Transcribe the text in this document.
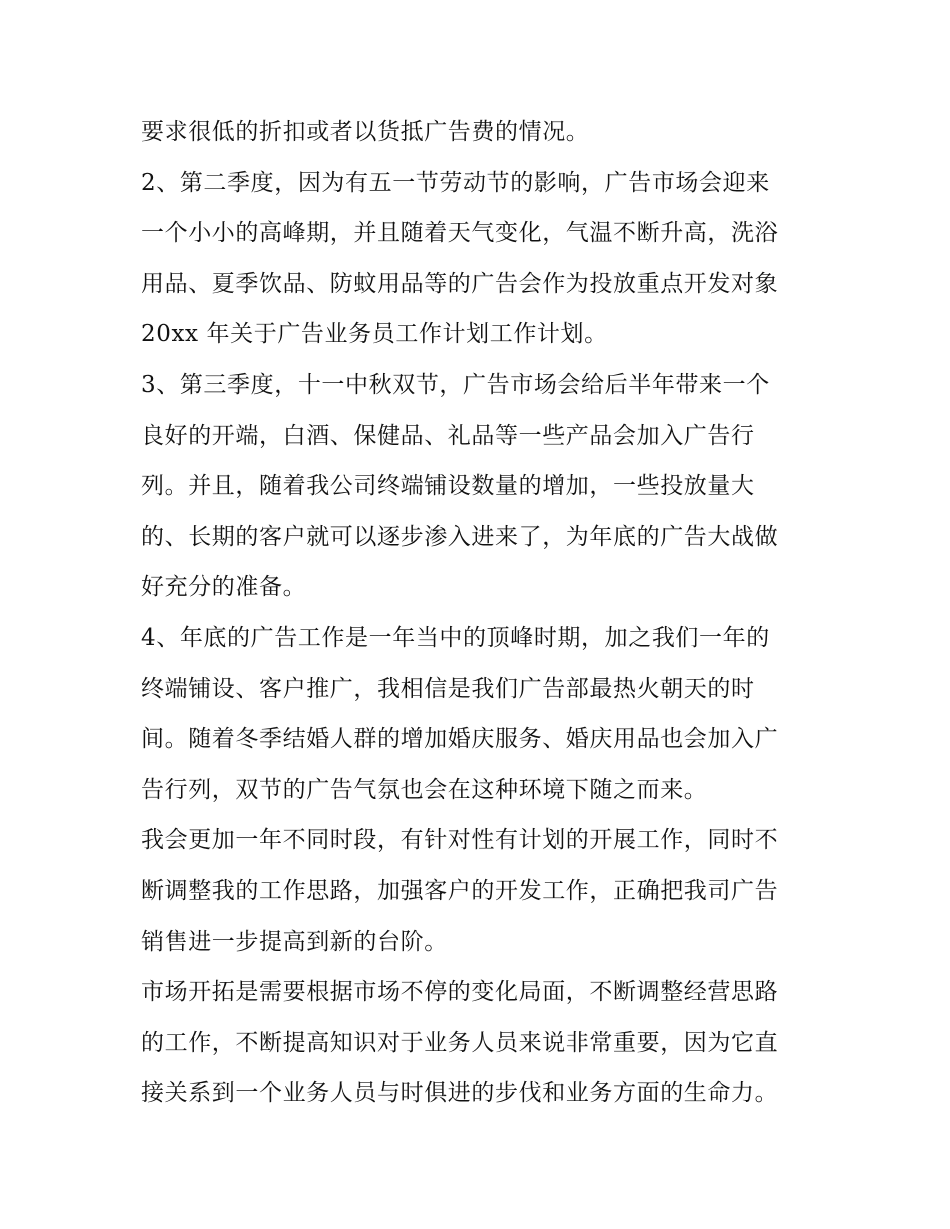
要求很低的折扣或者以货抵广告费的情况。
2、第二季度，因为有五一节劳动节的影响，广告市场会迎来
一个小小的高峰期，并且随着天气变化，气温不断升高，洗浴
用品、夏季饮品、防蚊用品等的广告会作为投放重点开发对象
20xx 年关于广告业务员工作计划工作计划。
3、第三季度，十一中秋双节，广告市场会给后半年带来一个
良好的开端，白酒、保健品、礼品等一些产品会加入广告行
列。并且，随着我公司终端铺设数量的增加，一些投放量大
的、长期的客户就可以逐步渗入进来了，为年底的广告大战做
好充分的准备。
4、年底的广告工作是一年当中的顶峰时期，加之我们一年的
终端铺设、客户推广，我相信是我们广告部最热火朝天的时
间。随着冬季结婚人群的增加婚庆服务、婚庆用品也会加入广
告行列，双节的广告气氛也会在这种环境下随之而来。
我会更加一年不同时段，有针对性有计划的开展工作，同时不
断调整我的工作思路，加强客户的开发工作，正确把我司广告
销售进一步提高到新的台阶。
市场开拓是需要根据市场不停的变化局面，不断调整经营思路
的工作，不断提高知识对于业务人员来说非常重要，因为它直
接关系到一个业务人员与时俱进的步伐和业务方面的生命力。
